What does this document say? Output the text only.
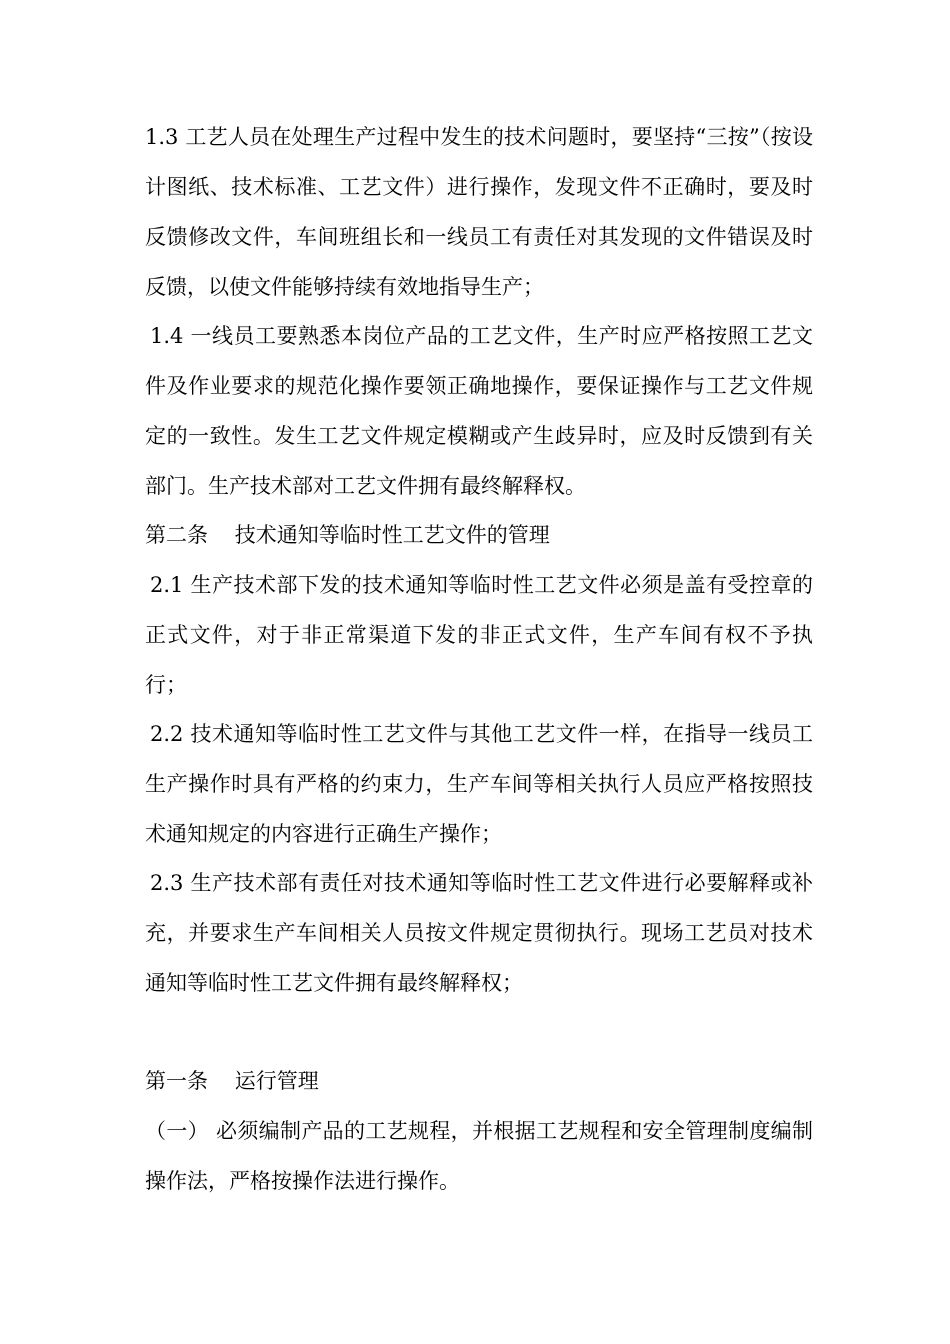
1.3 工艺人员在处理生产过程中发生的技术问题时，要坚持“三按”（按设计图纸、技术标准、工艺文件）进行操作，发现文件不正确时，要及时反馈修改文件，车间班组长和一线员工有责任对其发现的文件错误及时反馈，以使文件能够持续有效地指导生产；

1.4 一线员工要熟悉本岗位产品的工艺文件，生产时应严格按照工艺文件及作业要求的规范化操作要领正确地操作，要保证操作与工艺文件规定的一致性。发生工艺文件规定模糊或产生歧异时，应及时反馈到有关部门。生产技术部对工艺文件拥有最终解释权。

第二条    技术通知等临时性工艺文件的管理

2.1 生产技术部下发的技术通知等临时性工艺文件必须是盖有受控章的正式文件，对于非正常渠道下发的非正式文件，生产车间有权不予执行；

2.2 技术通知等临时性工艺文件与其他工艺文件一样，在指导一线员工生产操作时具有严格的约束力，生产车间等相关执行人员应严格按照技术通知规定的内容进行正确生产操作；

2.3 生产技术部有责任对技术通知等临时性工艺文件进行必要解释或补充，并要求生产车间相关人员按文件规定贯彻执行。现场工艺员对技术通知等临时性工艺文件拥有最终解释权；

第一条    运行管理

（一） 必须编制产品的工艺规程，并根据工艺规程和安全管理制度编制操作法，严格按操作法进行操作。
